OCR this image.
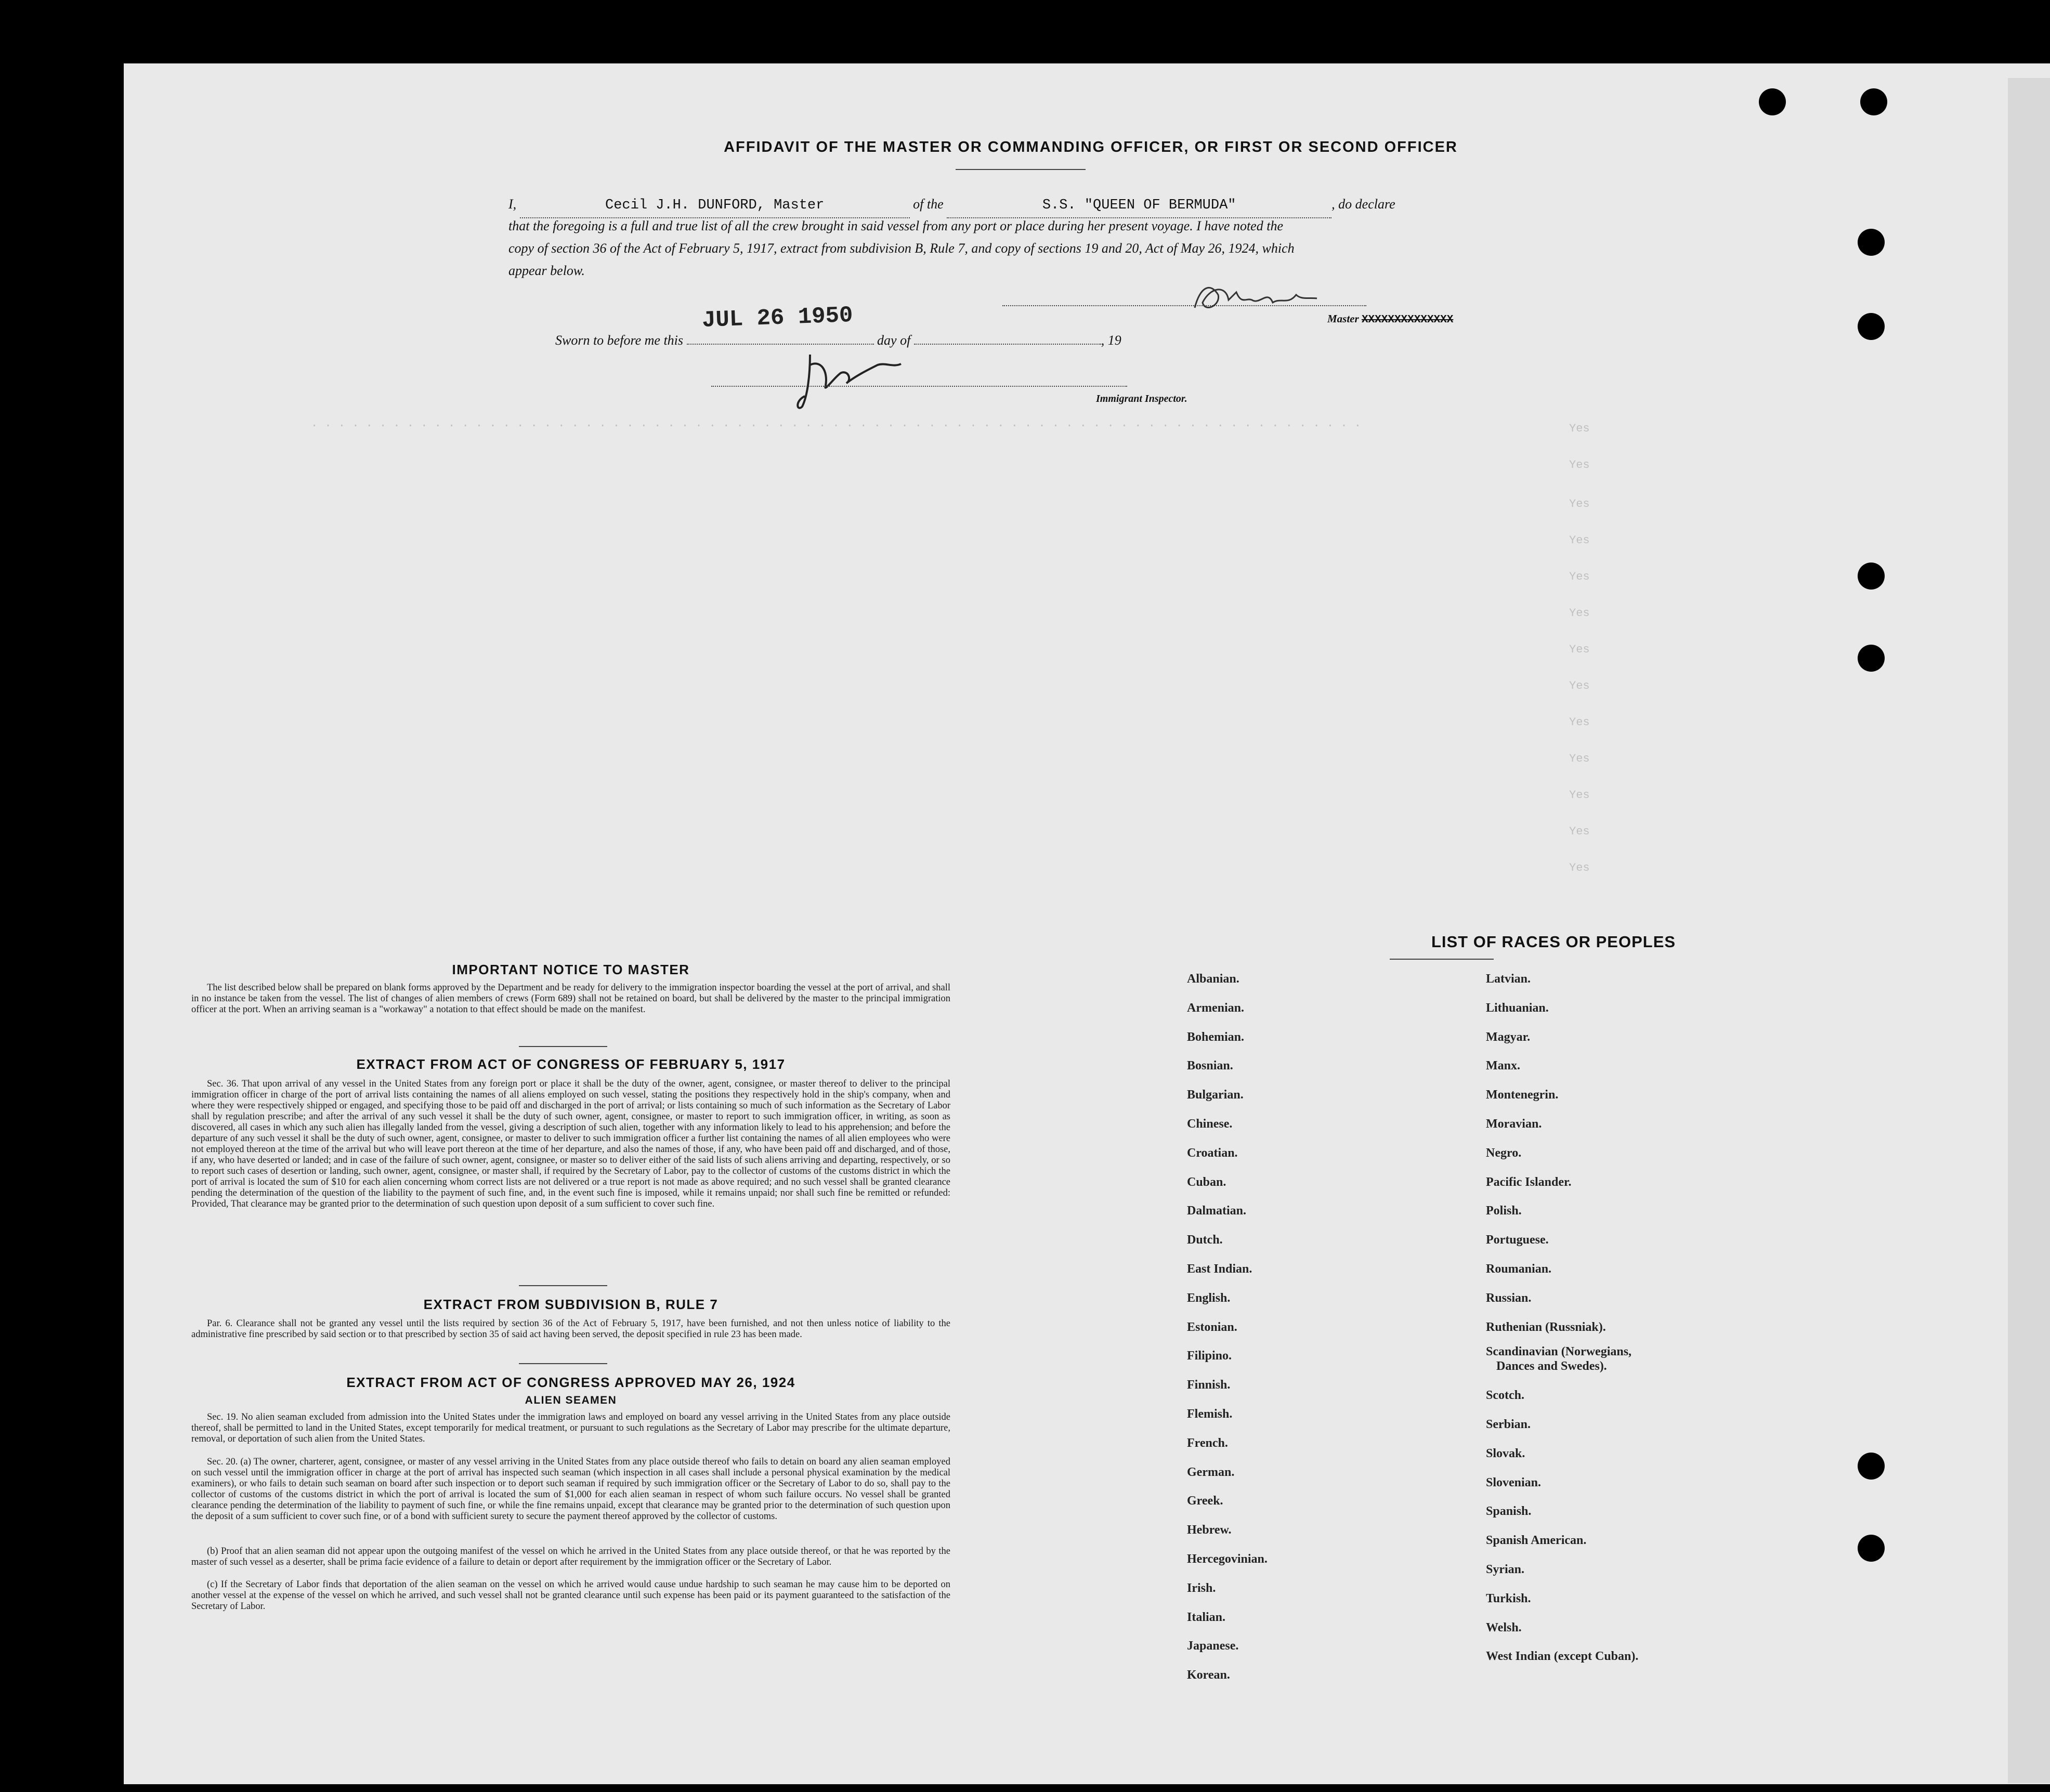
. . . . . . . . . . . . . . . . . . . . . . . . . . . . . . . . . . . . . . . . . . . . . . . . . . . . . . . . . . . . . . . . . . . . . . . . . . . . .	Yes
Yes
Yes
Yes
Yes
Yes
Yes
Yes
Yes
Yes
Yes
Yes
Yes
AFFIDAVIT OF THE MASTER OR COMMANDING OFFICER, OR FIRST OR SECOND OFFICER
I,	Cecil J.H. DUNFORD, Master	of the	S.S. "QUEEN OF BERMUDA"	, do declare
that the foregoing is a full and true list of all the crew brought in said vessel from any port or place during her present voyage. I have noted the
copy of section 36 of the Act of February 5, 1917, extract from subdivision B, Rule 7, and copy of sections 19 and 20, Act of May 26, 1924, which
appear below.
Master XXXXXXXXXXXXXX
JUL 26 1950
Sworn to before me this	day of	, 19
Immigrant Inspector.
IMPORTANT NOTICE TO MASTER
The list described below shall be prepared on blank forms approved by the Department and be ready for delivery to the immigration inspector boarding the vessel at the port of arrival, and shall in no instance be taken from the vessel. The list of changes of alien members of crews (Form 689) shall not be retained on board, but shall be delivered by the master to the principal immigration officer at the port. When an arriving seaman is a "workaway" a notation to that effect should be made on the manifest.
EXTRACT FROM ACT OF CONGRESS OF FEBRUARY 5, 1917
Sec. 36. That upon arrival of any vessel in the United States from any foreign port or place it shall be the duty of the owner, agent, consignee, or master thereof to deliver to the principal immigration officer in charge of the port of arrival lists containing the names of all aliens employed on such vessel, stating the positions they respectively hold in the ship's company, when and where they were respectively shipped or engaged, and specifying those to be paid off and discharged in the port of arrival; or lists containing so much of such information as the Secretary of Labor shall by regulation prescribe; and after the arrival of any such vessel it shall be the duty of such owner, agent, consignee, or master to report to such immigration officer, in writing, as soon as discovered, all cases in which any such alien has illegally landed from the vessel, giving a description of such alien, together with any information likely to lead to his apprehension; and before the departure of any such vessel it shall be the duty of such owner, agent, consignee, or master to deliver to such immigration officer a further list containing the names of all alien employees who were not employed thereon at the time of the arrival but who will leave port thereon at the time of her departure, and also the names of those, if any, who have been paid off and discharged, and of those, if any, who have deserted or landed; and in case of the failure of such owner, agent, consignee, or master so to deliver either of the said lists of such aliens arriving and departing, respectively, or so to report such cases of desertion or landing, such owner, agent, consignee, or master shall, if required by the Secretary of Labor, pay to the collector of customs of the customs district in which the port of arrival is located the sum of $10 for each alien concerning whom correct lists are not delivered or a true report is not made as above required; and no such vessel shall be granted clearance pending the determination of the question of the liability to the payment of such fine, and, in the event such fine is imposed, while it remains unpaid; nor shall such fine be remitted or refunded: Provided, That clearance may be granted prior to the determination of such question upon deposit of a sum sufficient to cover such fine.
EXTRACT FROM SUBDIVISION B, RULE 7
Par. 6. Clearance shall not be granted any vessel until the lists required by section 36 of the Act of February 5, 1917, have been furnished, and not then unless notice of liability to the administrative fine prescribed by said section or to that prescribed by section 35 of said act having been served, the deposit specified in rule 23 has been made.
EXTRACT FROM ACT OF CONGRESS APPROVED MAY 26, 1924
ALIEN SEAMEN
Sec. 19. No alien seaman excluded from admission into the United States under the immigration laws and employed on board any vessel arriving in the United States from any place outside thereof, shall be permitted to land in the United States, except temporarily for medical treatment, or pursuant to such regulations as the Secretary of Labor may prescribe for the ultimate departure, removal, or deportation of such alien from the United States.
Sec. 20. (a) The owner, charterer, agent, consignee, or master of any vessel arriving in the United States from any place outside thereof who fails to detain on board any alien seaman employed on such vessel until the immigration officer in charge at the port of arrival has inspected such seaman (which inspection in all cases shall include a personal physical examination by the medical examiners), or who fails to detain such seaman on board after such inspection or to deport such seaman if required by such immigration officer or the Secretary of Labor to do so, shall pay to the collector of customs of the customs district in which the port of arrival is located the sum of $1,000 for each alien seaman in respect of whom such failure occurs. No vessel shall be granted clearance pending the determination of the liability to payment of such fine, or while the fine remains unpaid, except that clearance may be granted prior to the determination of such question upon the deposit of a sum sufficient to cover such fine, or of a bond with sufficient surety to secure the payment thereof approved by the collector of customs.
(b) Proof that an alien seaman did not appear upon the outgoing manifest of the vessel on which he arrived in the United States from any place outside thereof, or that he was reported by the master of such vessel as a deserter, shall be prima facie evidence of a failure to detain or deport after requirement by the immigration officer or the Secretary of Labor.
(c) If the Secretary of Labor finds that deportation of the alien seaman on the vessel on which he arrived would cause undue hardship to such seaman he may cause him to be deported on another vessel at the expense of the vessel on which he arrived, and such vessel shall not be granted clearance until such expense has been paid or its payment guaranteed to the satisfaction of the Secretary of Labor.
LIST OF RACES OR PEOPLES
Albanian.
Armenian.
Bohemian.
Bosnian.
Bulgarian.
Chinese.
Croatian.
Cuban.
Dalmatian.
Dutch.
East Indian.
English.
Estonian.
Filipino.
Finnish.
Flemish.
French.
German.
Greek.
Hebrew.
Hercegovinian.
Irish.
Italian.
Japanese.
Korean.
Latvian.
Lithuanian.
Magyar.
Manx.
Montenegrin.
Moravian.
Negro.
Pacific Islander.
Polish.
Portuguese.
Roumanian.
Russian.
Ruthenian (Russniak).
Scandinavian (Norwegians,
Dances and Swedes).
Scotch.
Serbian.
Slovak.
Slovenian.
Spanish.
Spanish American.
Syrian.
Turkish.
Welsh.
West Indian (except Cuban).
